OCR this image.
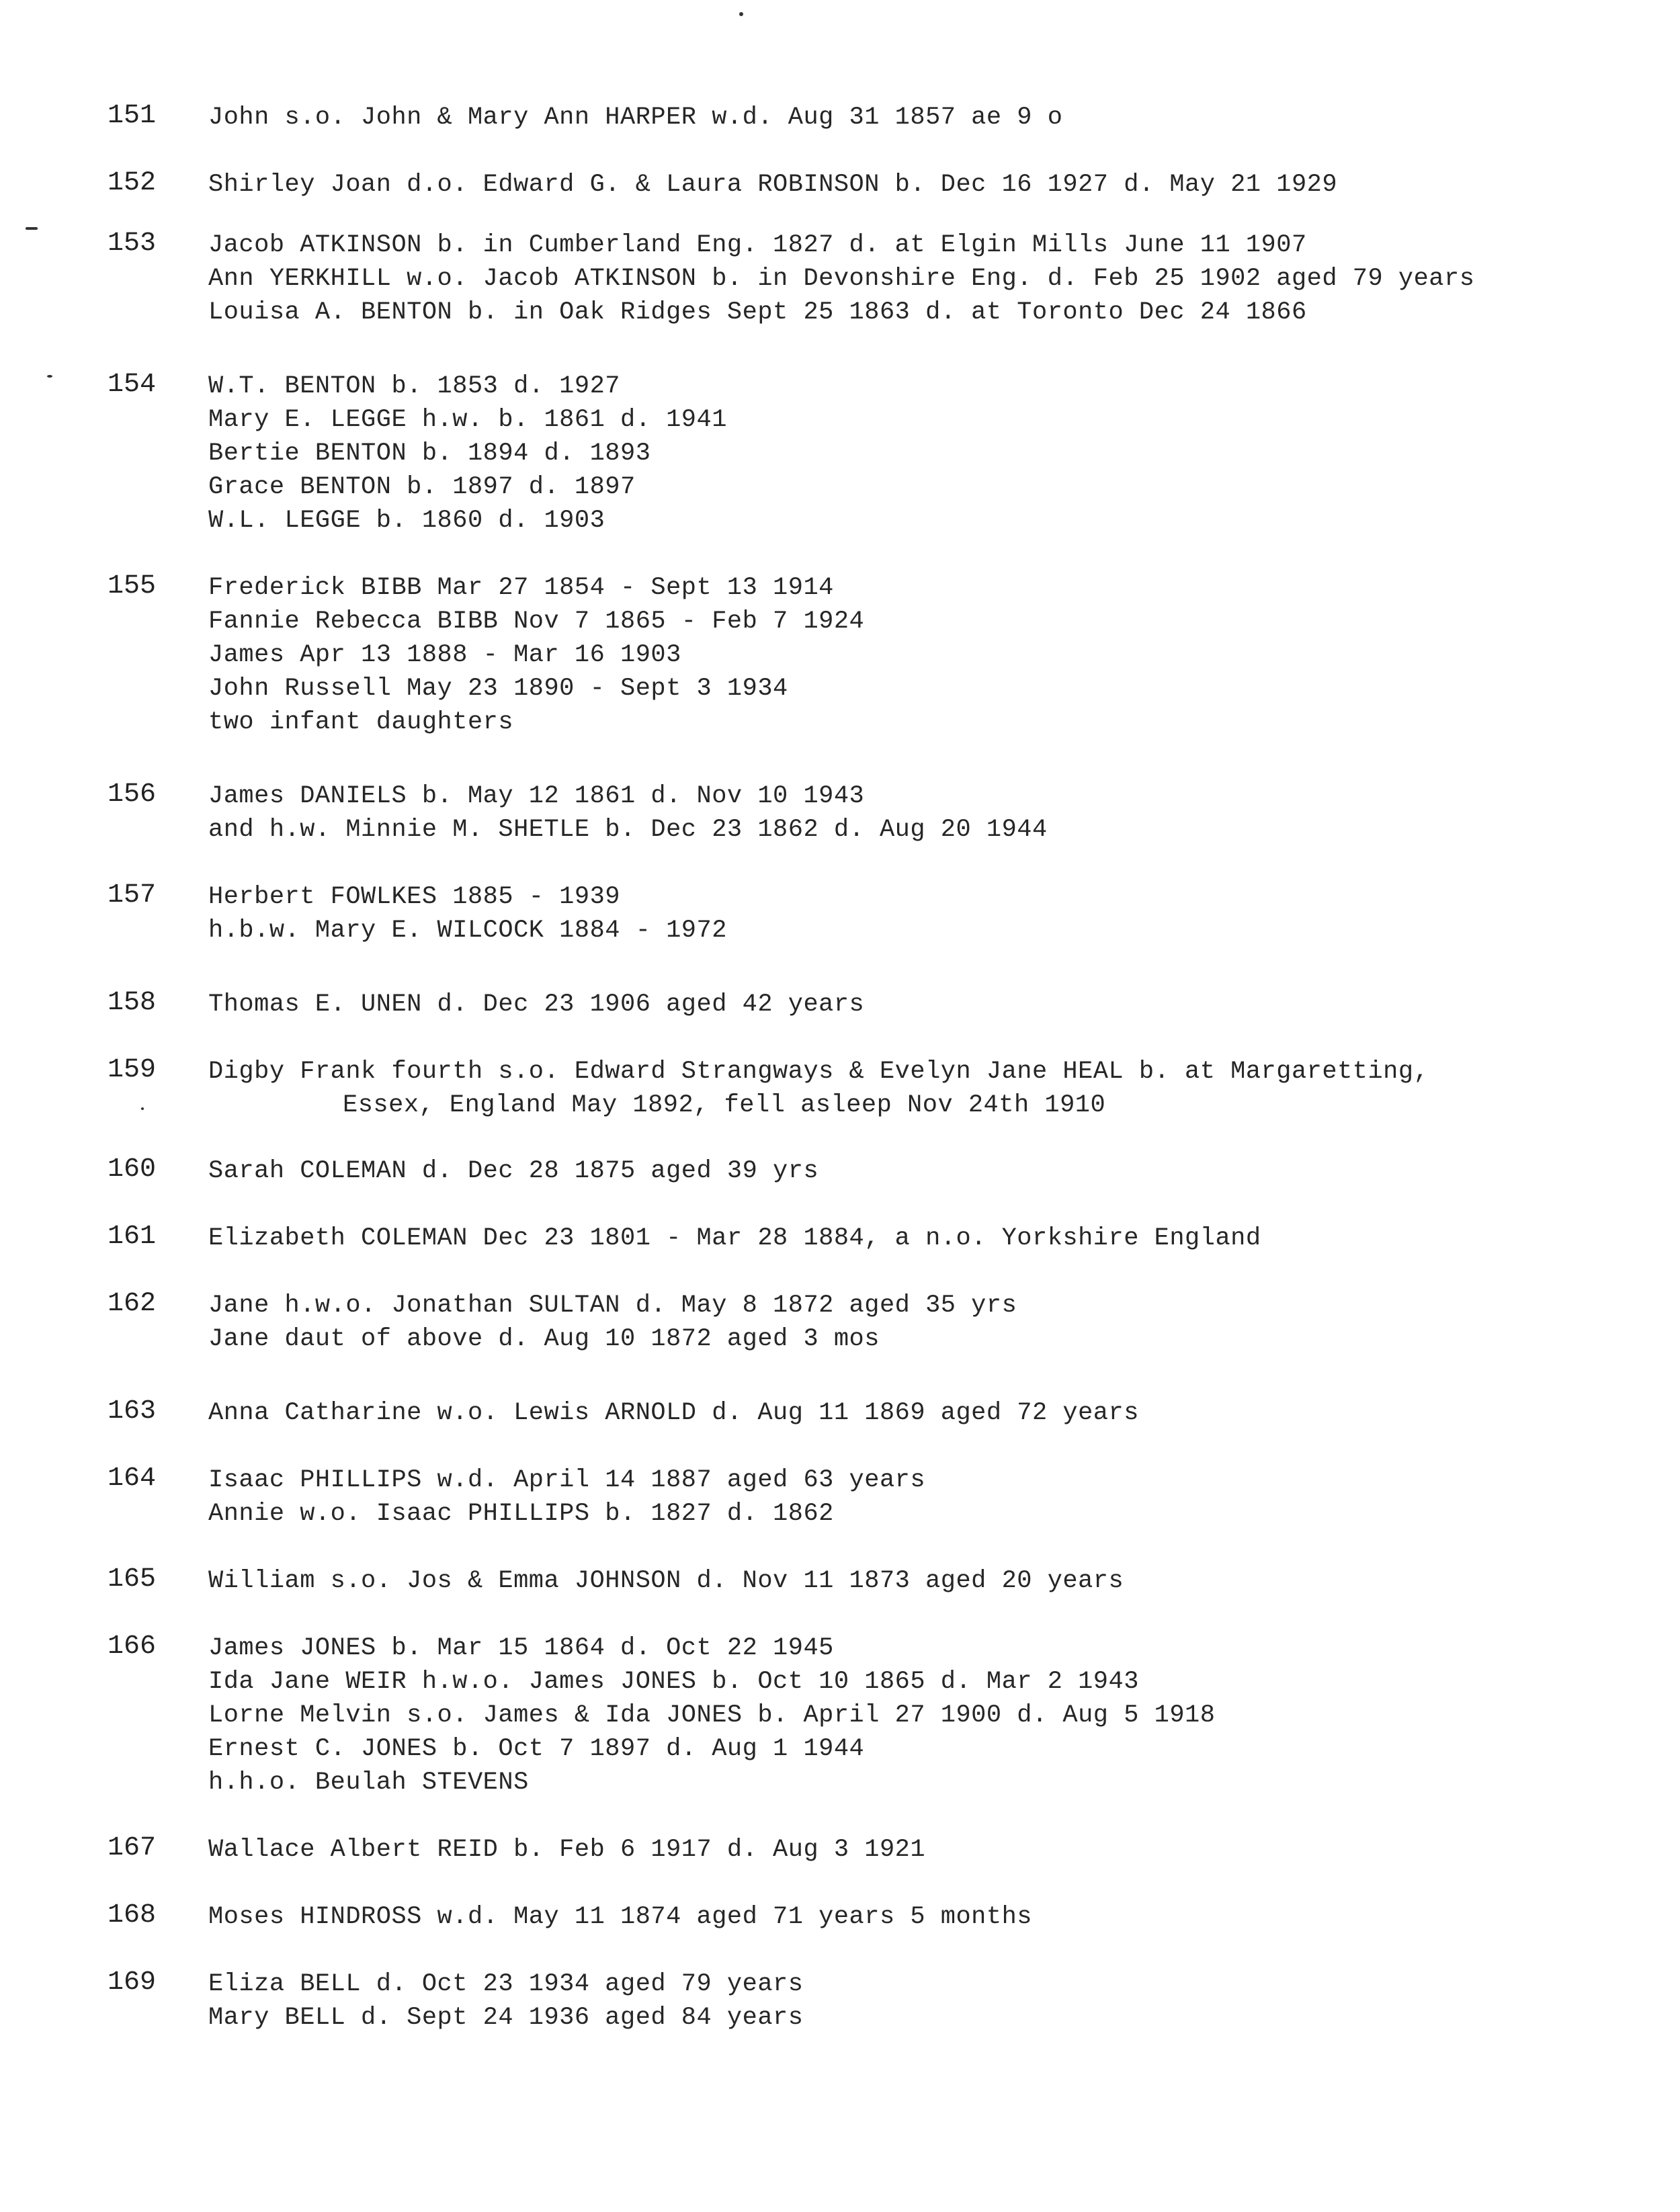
151 John s.o. John & Mary Ann HARPER w.d. Aug 31 1857 ae 9 o
152 Shirley Joan d.o. Edward G. & Laura ROBINSON b. Dec 16 1927 d. May 21 1929
153 Jacob ATKINSON b. in Cumberland Eng. 1827 d. at Elgin Mills June 11 1907
Ann YERKHILL w.o. Jacob ATKINSON b. in Devonshire Eng. d. Feb 25 1902 aged 79 years
Louisa A. BENTON b. in Oak Ridges Sept 25 1863 d. at Toronto Dec 24 1866
154 W.T. BENTON b. 1853 d. 1927
Mary E. LEGGE h.w. b. 1861 d. 1941
Bertie BENTON b. 1894 d. 1893
Grace BENTON b. 1897 d. 1897
W.L. LEGGE b. 1860 d. 1903
155 Frederick BIBB Mar 27 1854 - Sept 13 1914
Fannie Rebecca BIBB Nov 7 1865 - Feb 7 1924
James Apr 13 1888 - Mar 16 1903
John Russell May 23 1890 - Sept 3 1934
two infant daughters
156 James DANIELS b. May 12 1861 d. Nov 10 1943
and h.w. Minnie M. SHETLE b. Dec 23 1862 d. Aug 20 1944
157 Herbert FOWLKES 1885 - 1939
h.b.w. Mary E. WILCOCK 1884 - 1972
158 Thomas E. UNEN d. Dec 23 1906 aged 42 years
159 Digby Frank fourth s.o. Edward Strangways & Evelyn Jane HEAL b. at Margaretting,
Essex, England May 1892, fell asleep Nov 24th 1910
160 Sarah COLEMAN d. Dec 28 1875 aged 39 yrs
161 Elizabeth COLEMAN Dec 23 1801 - Mar 28 1884, a n.o. Yorkshire England
162 Jane h.w.o. Jonathan SULTAN d. May 8 1872 aged 35 yrs
Jane daut of above d. Aug 10 1872 aged 3 mos
163 Anna Catharine w.o. Lewis ARNOLD d. Aug 11 1869 aged 72 years
164 Isaac PHILLIPS w.d. April 14 1887 aged 63 years
Annie w.o. Isaac PHILLIPS b. 1827 d. 1862
165 William s.o. Jos & Emma JOHNSON d. Nov 11 1873 aged 20 years
166 James JONES b. Mar 15 1864 d. Oct 22 1945
Ida Jane WEIR h.w.o. James JONES b. Oct 10 1865 d. Mar 2 1943
Lorne Melvin s.o. James & Ida JONES b. April 27 1900 d. Aug 5 1918
Ernest C. JONES b. Oct 7 1897 d. Aug 1 1944
h.h.o. Beulah STEVENS
167 Wallace Albert REID b. Feb 6 1917 d. Aug 3 1921
168 Moses HINDROSS w.d. May 11 1874 aged 71 years 5 months
169 Eliza BELL d. Oct 23 1934 aged 79 years
Mary BELL d. Sept 24 1936 aged 84 years
